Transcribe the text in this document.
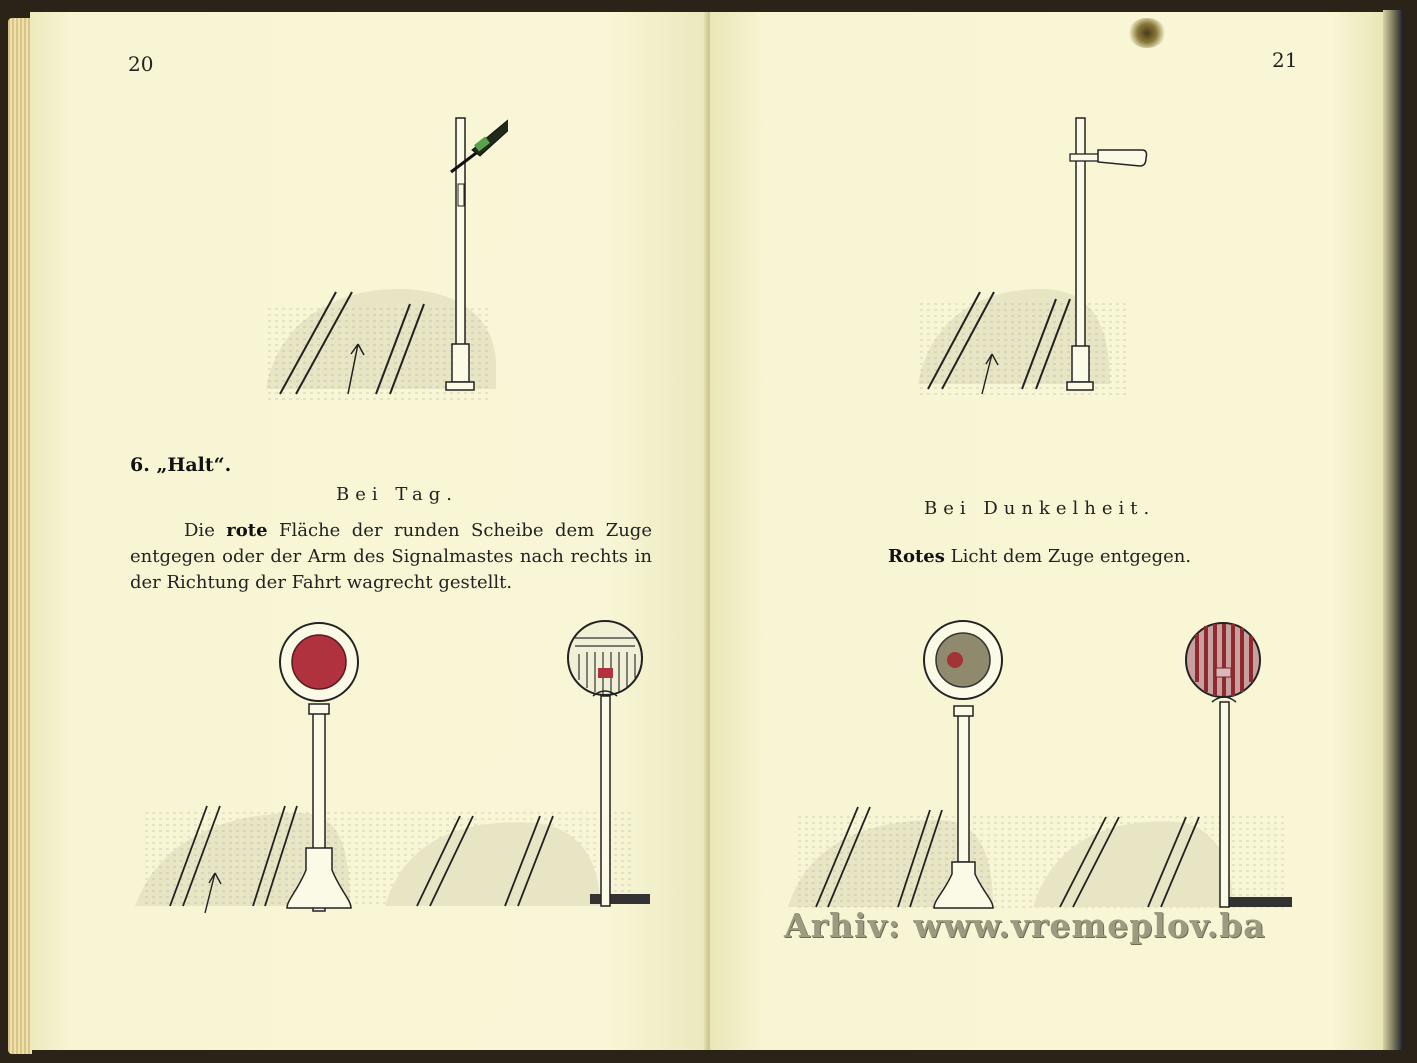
20
6. „Halt“.
Bei Tag.
Die rote Fläche der runden Scheibe dem Zuge entgegen oder der Arm des Signalmastes nach rechts in der Richtung der Fahrt wagrecht gestellt.
21
Bei Dunkelheit.
Rotes Licht dem Zuge entgegen.
Arhiv: www.vremeplov.ba
